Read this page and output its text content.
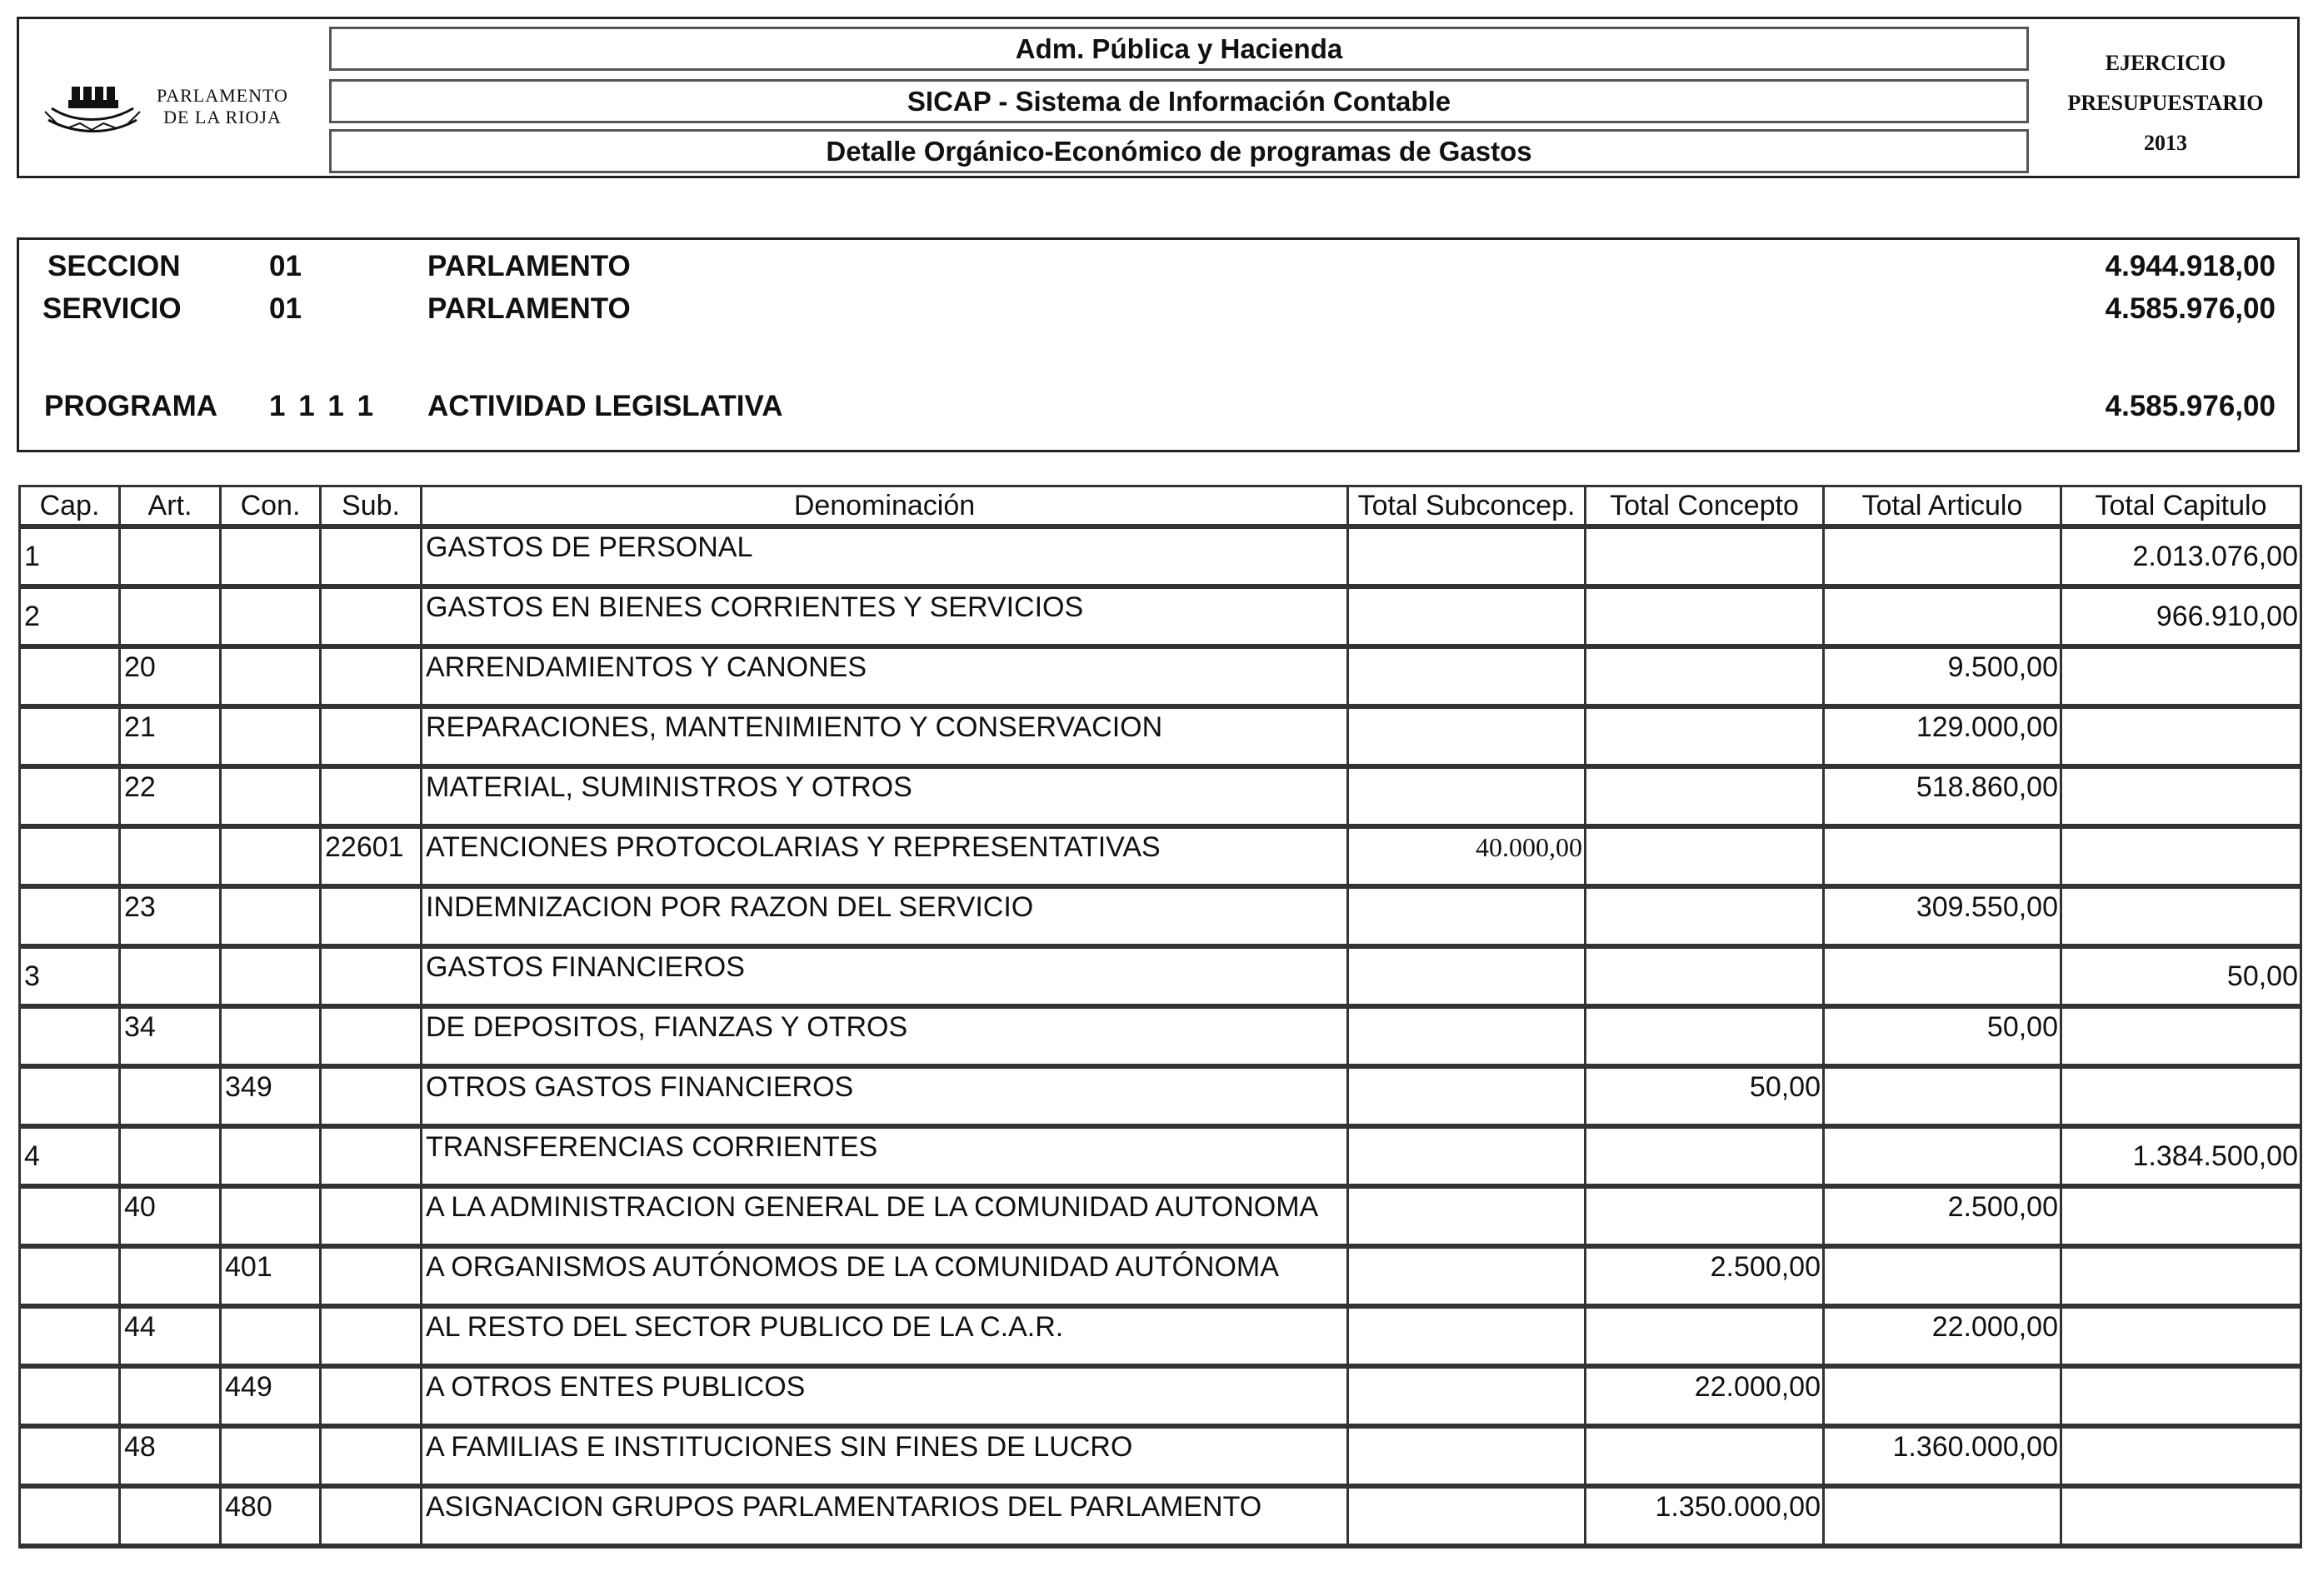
PARLAMENTO
DE LA RIOJA
Adm. Pública y Hacienda
SICAP - Sistema de Información Contable
Detalle Orgánico-Económico de programas de Gastos
EJERCICIO
PRESUPUESTARIO
2013
SECCION	01	PARLAMENTO	4.944.918,00
SERVICIO	01	PARLAMENTO	4.585.976,00
PROGRAMA 1 1 1 1 ACTIVIDAD LEGISLATIVA	4.585.976,00
Cap.	Art.	Con.	Sub.	Denominación	Total Subconcep.	Total Concepto	Total Articulo	Total Capitulo
1				GASTOS DE PERSONAL				2.013.076,00
2				GASTOS EN BIENES CORRIENTES Y SERVICIOS				966.910,00
	20			ARRENDAMIENTOS Y CANONES			9.500,00	
	21			REPARACIONES, MANTENIMIENTO Y CONSERVACION			129.000,00	
	22			MATERIAL, SUMINISTROS Y OTROS			518.860,00	
			22601	ATENCIONES PROTOCOLARIAS Y REPRESENTATIVAS	40.000,00			
	23			INDEMNIZACION POR RAZON DEL SERVICIO			309.550,00	
3				GASTOS FINANCIEROS				50,00
	34			DE DEPOSITOS, FIANZAS Y OTROS			50,00	
		349		OTROS GASTOS FINANCIEROS		50,00		
4				TRANSFERENCIAS CORRIENTES				1.384.500,00
	40			A LA ADMINISTRACION GENERAL DE LA COMUNIDAD AUTONOMA			2.500,00	
		401		A ORGANISMOS AUTÓNOMOS DE LA COMUNIDAD AUTÓNOMA		2.500,00		
	44			AL RESTO DEL SECTOR PUBLICO DE LA C.A.R.			22.000,00	
		449		A OTROS ENTES PUBLICOS		22.000,00		
	48			A FAMILIAS E INSTITUCIONES SIN FINES DE LUCRO			1.360.000,00	
		480		ASIGNACION GRUPOS PARLAMENTARIOS DEL PARLAMENTO		1.350.000,00		
